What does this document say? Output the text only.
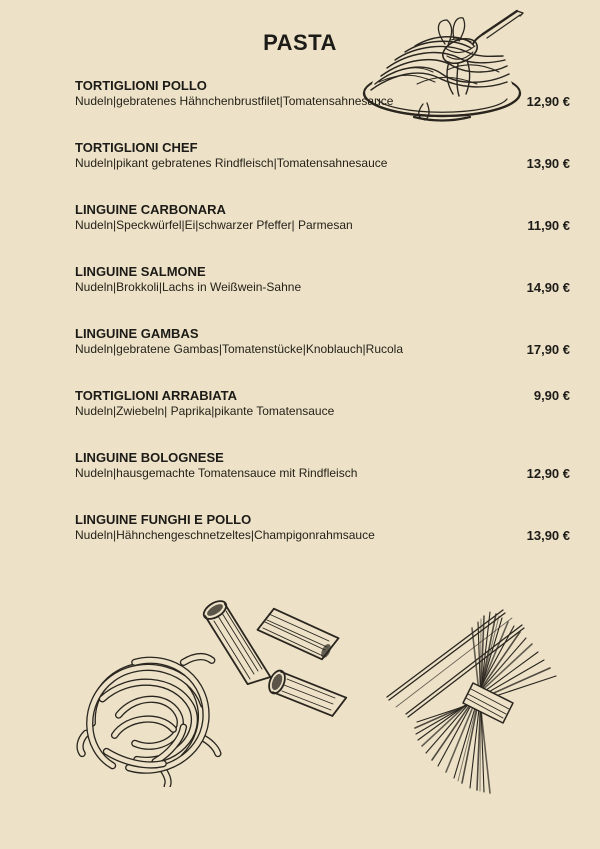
PASTA
TORTIGLIONI POLLO
Nudeln|gebratenes Hähnchenbrustfilet|Tomatensahnesauce	12,90 €
TORTIGLIONI CHEF
Nudeln|pikant gebratenes Rindfleisch|Tomatensahnesauce	13,90 €
LINGUINE CARBONARA
Nudeln|Speckwürfel|Ei|schwarzer Pfeffer| Parmesan	11,90 €
LINGUINE SALMONE
Nudeln|Brokkoli|Lachs in Weißwein-Sahne	14,90 €
LINGUINE GAMBAS
Nudeln|gebratene Gambas|Tomatenstücke|Knoblauch|Rucola	17,90 €
TORTIGLIONI ARRABIATA
Nudeln|Zwiebeln| Paprika|pikante Tomatensauce
9,90 €
LINGUINE BOLOGNESE
Nudeln|hausgemachte Tomatensauce mit Rindfleisch	12,90 €
LINGUINE FUNGHI E POLLO
Nudeln|Hähnchengeschnetzeltes|Champigonrahmsauce	13,90 €
